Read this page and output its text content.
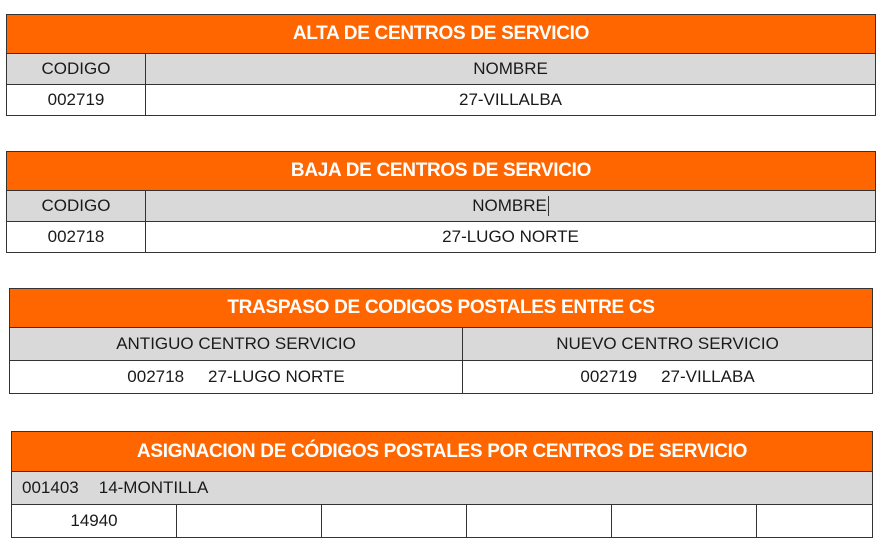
ALTA DE CENTROS DE SERVICIO	
CODIGO	NOMBRE
002719	27-VILLALBA
BAJA DE CENTROS DE SERVICIO	
CODIGO	NOMBRE
002718	27-LUGO NORTE
TRASPASO DE CODIGOS POSTALES ENTRE CS	
ANTIGUO CENTRO SERVICIO	NUEVO CENTRO SERVICIO
002718 27-LUGO NORTE	002719 27-VILLABA
ASIGNACION DE CÓDIGOS POSTALES POR CENTROS DE SERVICIO
001403 14-MONTILLA
14940					
